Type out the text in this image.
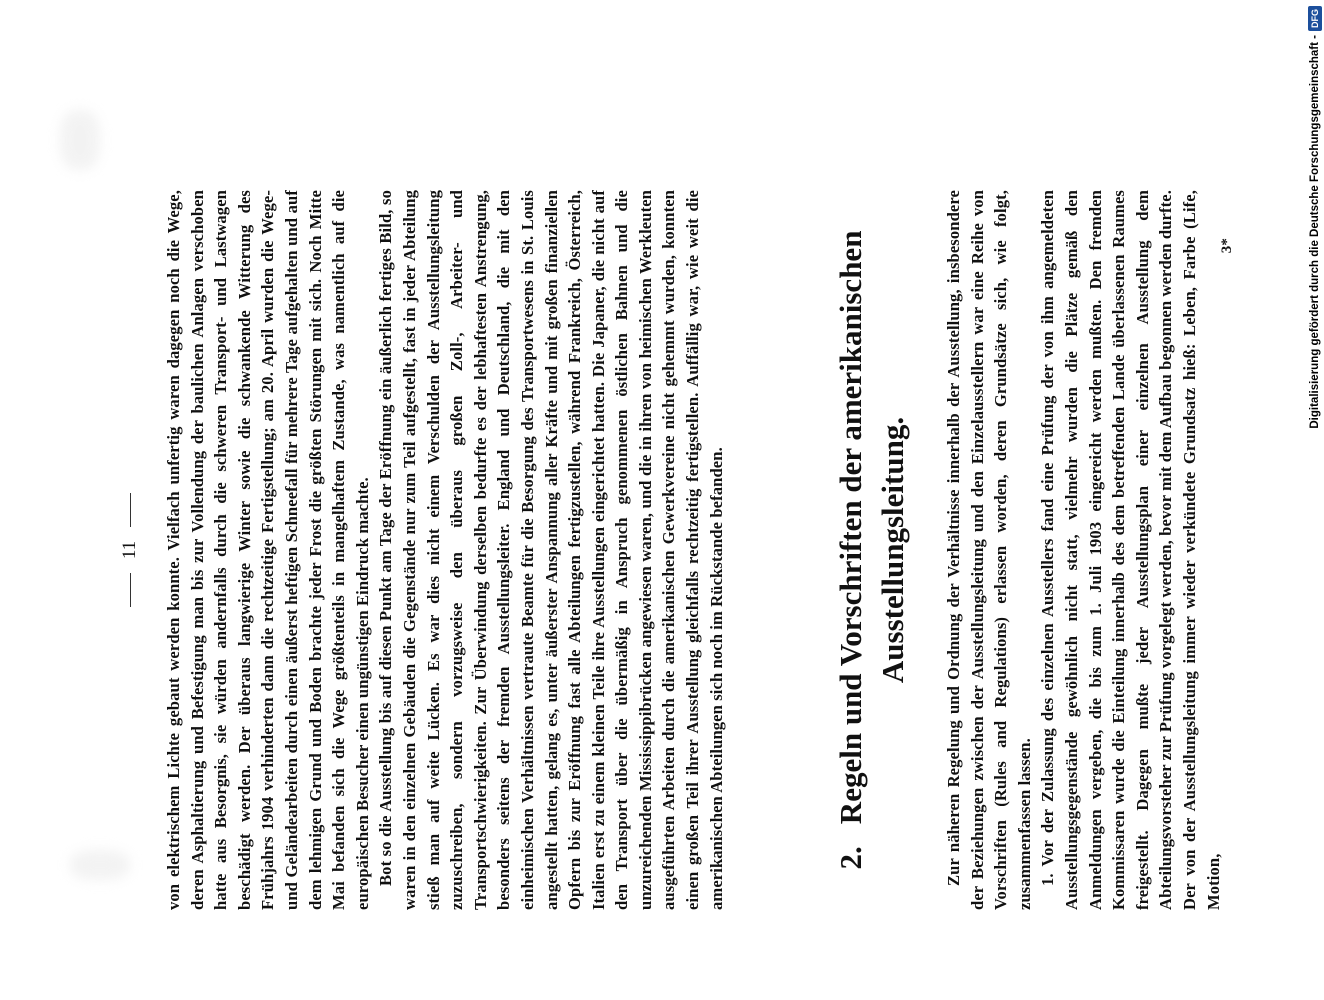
11 von elektrischem Lichte gebaut werden konnte. Vielfach unfertig waren dagegen noch die Wege, deren Asphaltierung und Befestigung man bis zur Vollendung der baulichen Anlagen verschoben hatte aus Besorgnis, sie würden andernfalls durch die schweren Transport- und Lastwagen beschädigt werden. Der überaus langwierige Winter sowie die schwankende Witterung des Frühjahrs 1904 verhinderten dann die rechtzeitige Fertigstellung; am 20. April wurden die Wege- und Geländearbeiten durch einen äußerst heftigen Schneefall für mehrere Tage aufgehalten und auf dem lehmigen Grund und Boden brachte jeder Frost die größten Störungen mit sich. Noch Mitte Mai befanden sich die Wege größtenteils in mangelhaftem Zustande, was namentlich auf die europäischen Besucher einen ungünstigen Eindruck machte. Bot so die Ausstellung bis auf diesen Punkt am Tage der Eröffnung ein äußerlich fertiges Bild, so waren in den einzelnen Gebäuden die Gegenstände nur zum Teil aufgestellt, fast in jeder Abteilung stieß man auf weite Lücken. Es war dies nicht einem Verschulden der Ausstellungsleitung zuzuschreiben, sondern vorzugsweise den überaus großen Zoll-, Arbeiter- und Transportschwierigkeiten. Zur Überwindung derselben bedurfte es der lebhaftesten Anstrengung, besonders seitens der fremden Ausstellungsleiter. England und Deutschland, die mit den einheimischen Verhältnissen vertraute Beamte für die Besorgung des Transportwesens in St. Louis angestellt hatten, gelang es, unter äußerster Anspannung aller Kräfte und mit großen finanziellen Opfern bis zur Eröffnung fast alle Abteilungen fertigzustellen, während Frankreich, Österreich, Italien erst zu einem kleinen Teile ihre Ausstellungen eingerichtet hatten. Die Japaner, die nicht auf den Transport über die übermäßig in Anspruch genommenen östlichen Bahnen und die unzureichenden Mississippibrücken angewiesen waren, und die in ihren von heimischen Werkleuten ausgeführten Arbeiten durch die amerikanischen Gewerkvereine nicht gehemmt wurden, konnten einen großen Teil ihrer Ausstellung gleichfalls rechtzeitig fertigstellen. Auffällig war, wie weit die amerikanischen Abteilungen sich noch im Rückstande befanden.	2.Regeln und Vorschriften der amerikanischen Ausstellungsleitung. Zur näheren Regelung und Ordnung der Verhältnisse innerhalb der Ausstellung, insbesondere der Beziehungen zwischen der Ausstellungsleitung und den Einzelausstellern war eine Reihe von Vorschriften (Rules and Regulations) erlassen worden, deren Grundsätze sich, wie folgt, zusammenfassen lassen. 1. Vor der Zulassung des einzelnen Ausstellers fand eine Prüfung der von ihm angemeldeten Ausstellungsgegenstände gewöhnlich nicht statt, vielmehr wurden die Plätze gemäß den Anmeldungen vergeben, die bis zum 1. Juli 1903 eingereicht werden mußten. Den fremden Kommissaren wurde die Einteilung innerhalb des dem betreffenden Lande überlassenen Raumes freigestellt. Dagegen mußte jeder Ausstellungsplan einer einzelnen Ausstellung dem Abteilungsvorsteher zur Prüfung vorgelegt werden, bevor mit dem Aufbau begonnen werden durfte. Der von der Ausstellungsleitung immer wieder verkündete Grundsatz hieß: Leben, Farbe (Life, Motion,

3*	Digitalisierung gefördert durch die Deutsche Forschungsgemeinschaft -
DFG
